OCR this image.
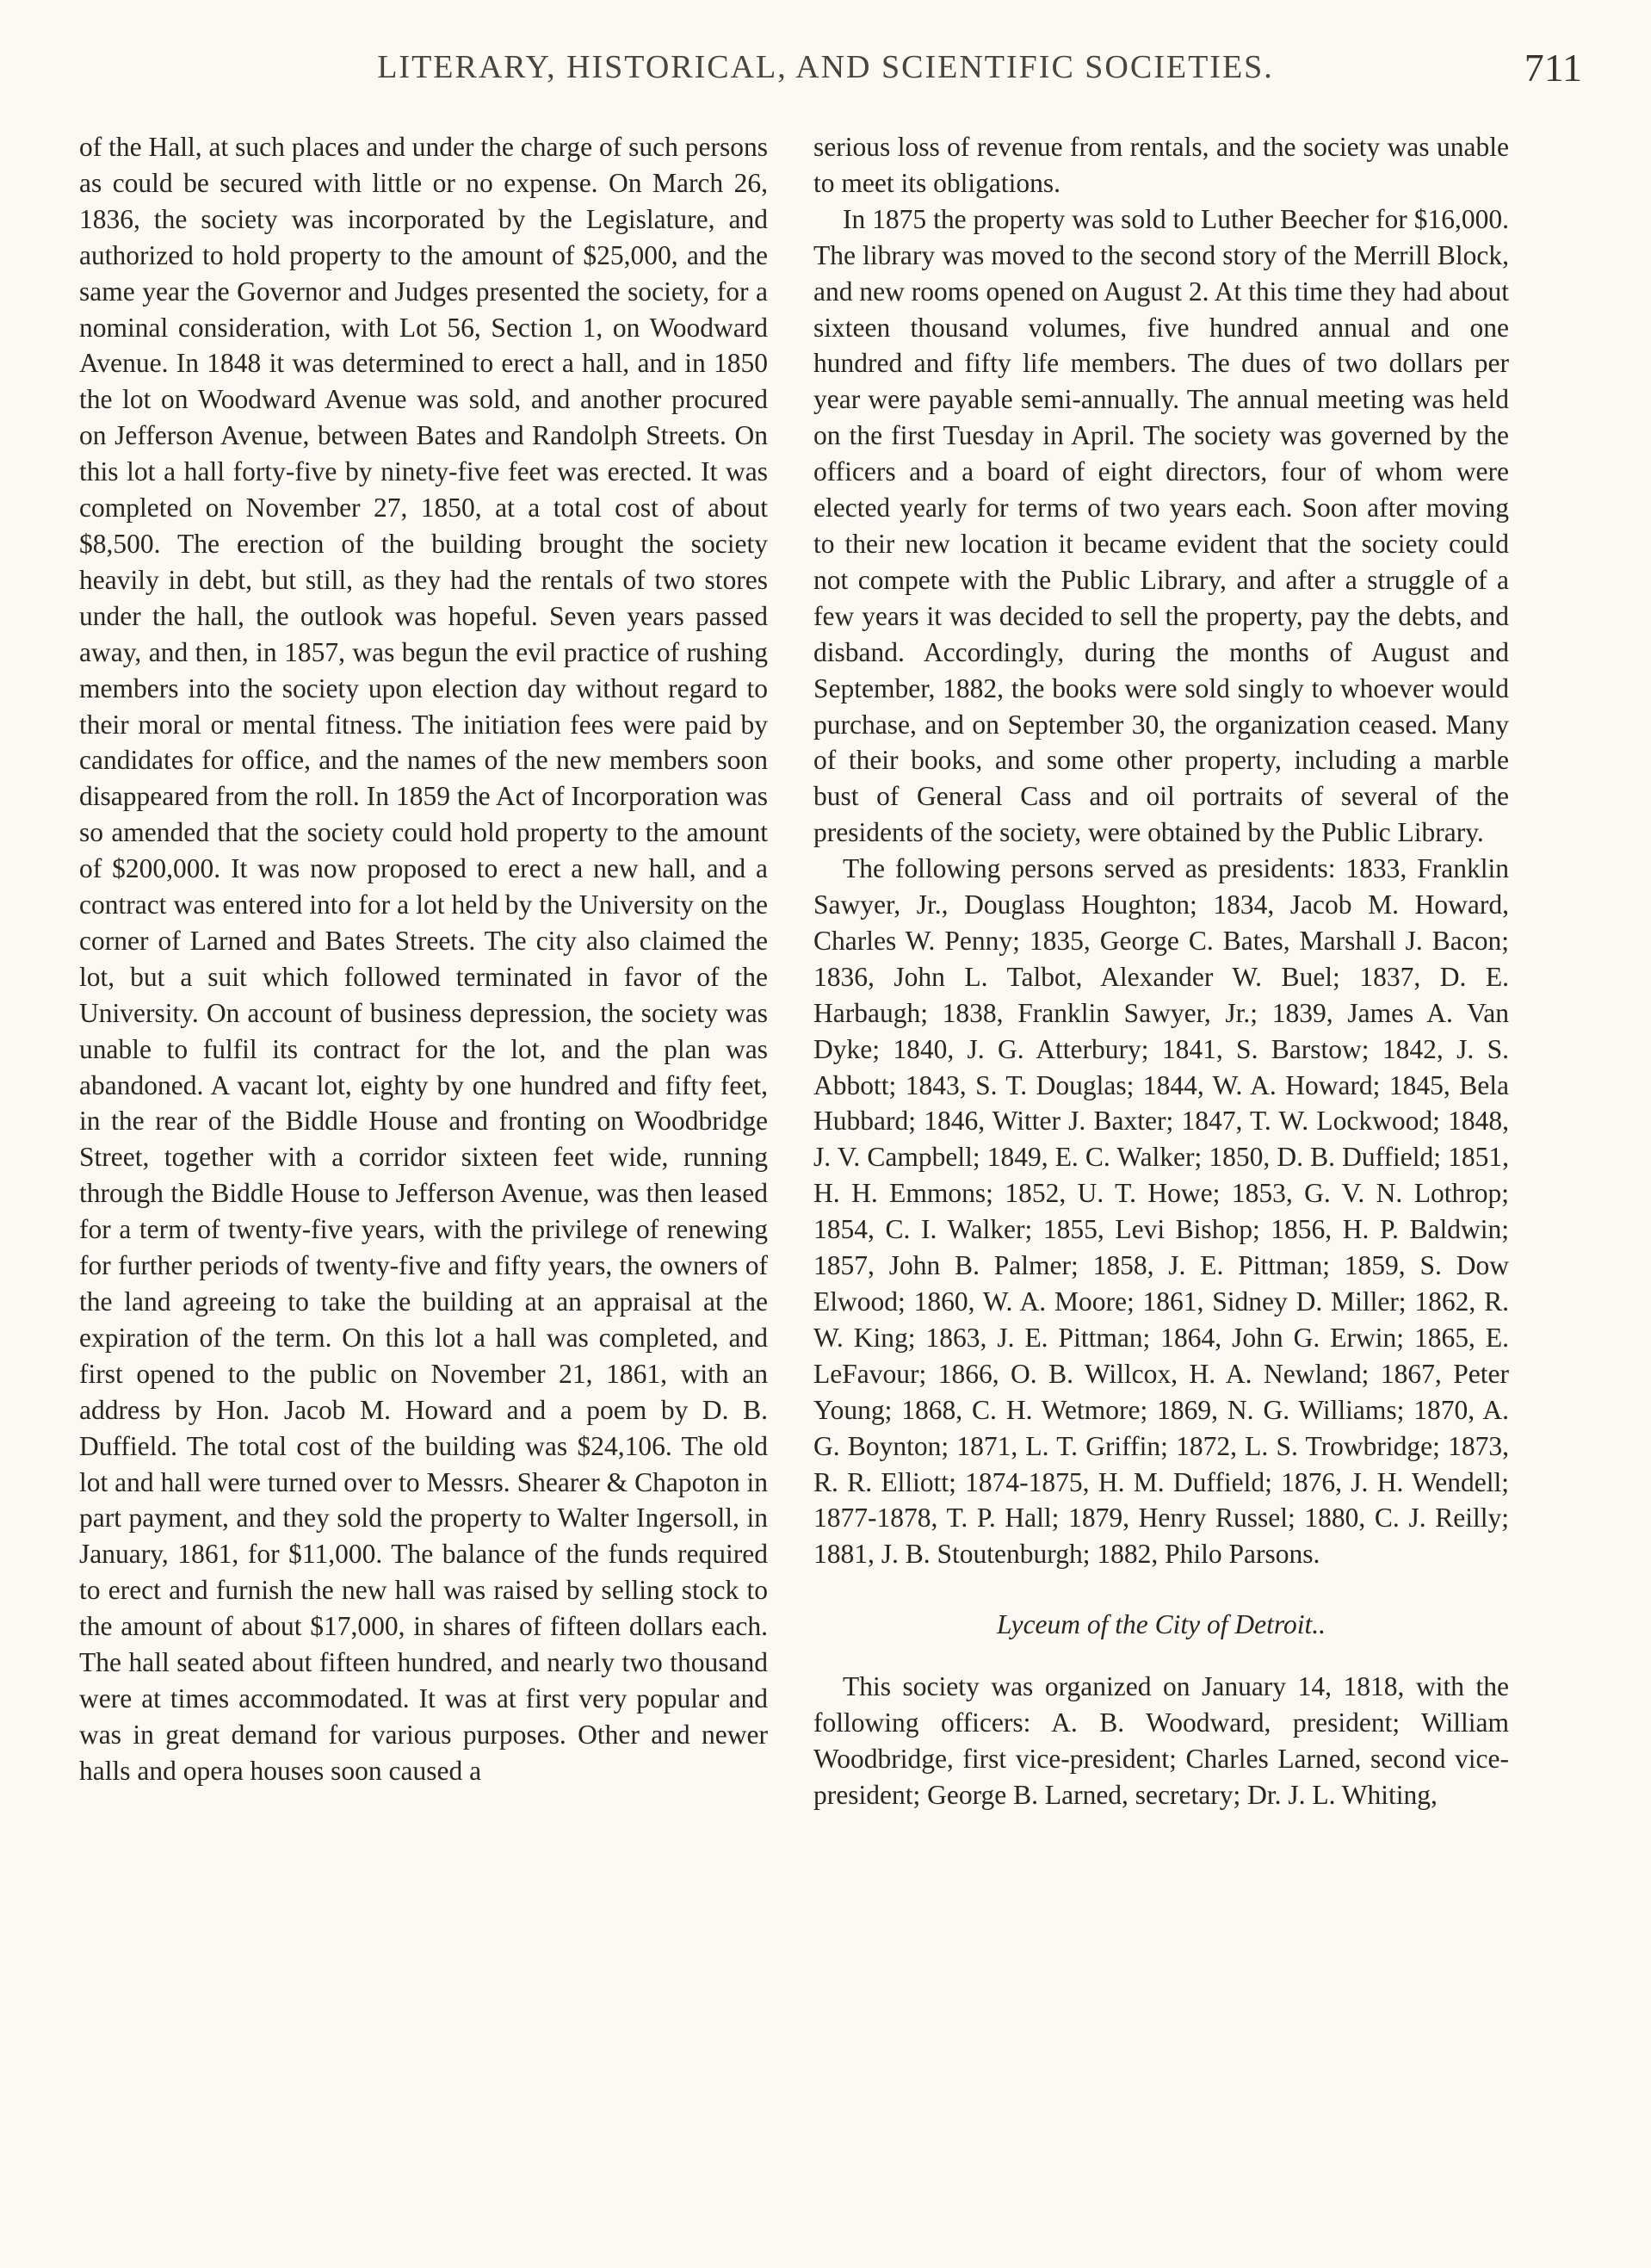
LITERARY, HISTORICAL, AND SCIENTIFIC SOCIETIES.	711

of the Hall, at such places and under the charge of such persons as could be secured with little or no expense. On March 26, 1836, the society was incorporated by the Legislature, and authorized to hold property to the amount of $25,000, and the same year the Governor and Judges presented the society, for a nominal consideration, with Lot 56, Section 1, on Woodward Avenue. In 1848 it was determined to erect a hall, and in 1850 the lot on Woodward Avenue was sold, and another procured on Jefferson Avenue, between Bates and Randolph Streets. On this lot a hall forty-five by ninety-five feet was erected. It was completed on November 27, 1850, at a total cost of about $8,500. The erection of the building brought the society heavily in debt, but still, as they had the rentals of two stores under the hall, the outlook was hopeful. Seven years passed away, and then, in 1857, was begun the evil practice of rushing members into the society upon election day without regard to their moral or mental fitness. The initiation fees were paid by candidates for office, and the names of the new members soon disappeared from the roll. In 1859 the Act of Incorporation was so amended that the society could hold property to the amount of $200,000. It was now proposed to erect a new hall, and a contract was entered into for a lot held by the University on the corner of Larned and Bates Streets. The city also claimed the lot, but a suit which followed terminated in favor of the University. On account of business depression, the society was unable to fulfil its contract for the lot, and the plan was abandoned. A vacant lot, eighty by one hundred and fifty feet, in the rear of the Biddle House and fronting on Woodbridge Street, together with a corridor sixteen feet wide, running through the Biddle House to Jefferson Avenue, was then leased for a term of twenty-five years, with the privilege of renewing for further periods of twenty-five and fifty years, the owners of the land agreeing to take the building at an appraisal at the expiration of the term. On this lot a hall was completed, and first opened to the public on November 21, 1861, with an address by Hon. Jacob M. Howard and a poem by D. B. Duffield. The total cost of the building was $24,106. The old lot and hall were turned over to Messrs. Shearer & Chapoton in part payment, and they sold the property to Walter Ingersoll, in January, 1861, for $11,000. The balance of the funds required to erect and furnish the new hall was raised by selling stock to the amount of about $17,000, in shares of fifteen dollars each. The hall seated about fifteen hundred, and nearly two thousand were at times accommodated. It was at first very popular and was in great demand for various purposes. Other and newer halls and opera houses soon caused a

serious loss of revenue from rentals, and the society was unable to meet its obligations.

In 1875 the property was sold to Luther Beecher for $16,000. The library was moved to the second story of the Merrill Block, and new rooms opened on August 2. At this time they had about sixteen thousand volumes, five hundred annual and one hundred and fifty life members. The dues of two dollars per year were payable semi-annually. The annual meeting was held on the first Tuesday in April. The society was governed by the officers and a board of eight directors, four of whom were elected yearly for terms of two years each. Soon after moving to their new location it became evident that the society could not compete with the Public Library, and after a struggle of a few years it was decided to sell the property, pay the debts, and disband. Accordingly, during the months of August and September, 1882, the books were sold singly to whoever would purchase, and on September 30, the organization ceased. Many of their books, and some other property, including a marble bust of General Cass and oil portraits of several of the presidents of the society, were obtained by the Public Library.

The following persons served as presidents: 1833, Franklin Sawyer, Jr., Douglass Houghton; 1834, Jacob M. Howard, Charles W. Penny; 1835, George C. Bates, Marshall J. Bacon; 1836, John L. Talbot, Alexander W. Buel; 1837, D. E. Harbaugh; 1838, Franklin Sawyer, Jr.; 1839, James A. Van Dyke; 1840, J. G. Atterbury; 1841, S. Barstow; 1842, J. S. Abbott; 1843, S. T. Douglas; 1844, W. A. Howard; 1845, Bela Hubbard; 1846, Witter J. Baxter; 1847, T. W. Lockwood; 1848, J. V. Campbell; 1849, E. C. Walker; 1850, D. B. Duffield; 1851, H. H. Emmons; 1852, U. T. Howe; 1853, G. V. N. Lothrop; 1854, C. I. Walker; 1855, Levi Bishop; 1856, H. P. Baldwin; 1857, John B. Palmer; 1858, J. E. Pittman; 1859, S. Dow Elwood; 1860, W. A. Moore; 1861, Sidney D. Miller; 1862, R. W. King; 1863, J. E. Pittman; 1864, John G. Erwin; 1865, E. LeFavour; 1866, O. B. Willcox, H. A. Newland; 1867, Peter Young; 1868, C. H. Wetmore; 1869, N. G. Williams; 1870, A. G. Boynton; 1871, L. T. Griffin; 1872, L. S. Trowbridge; 1873, R. R. Elliott; 1874-1875, H. M. Duffield; 1876, J. H. Wendell; 1877-1878, T. P. Hall; 1879, Henry Russel; 1880, C. J. Reilly; 1881, J. B. Stoutenburgh; 1882, Philo Parsons.

Lyceum of the City of Detroit..

This society was organized on January 14, 1818, with the following officers: A. B. Woodward, president; William Woodbridge, first vice-president; Charles Larned, second vice-president; George B. Larned, secretary; Dr. J. L. Whiting,
